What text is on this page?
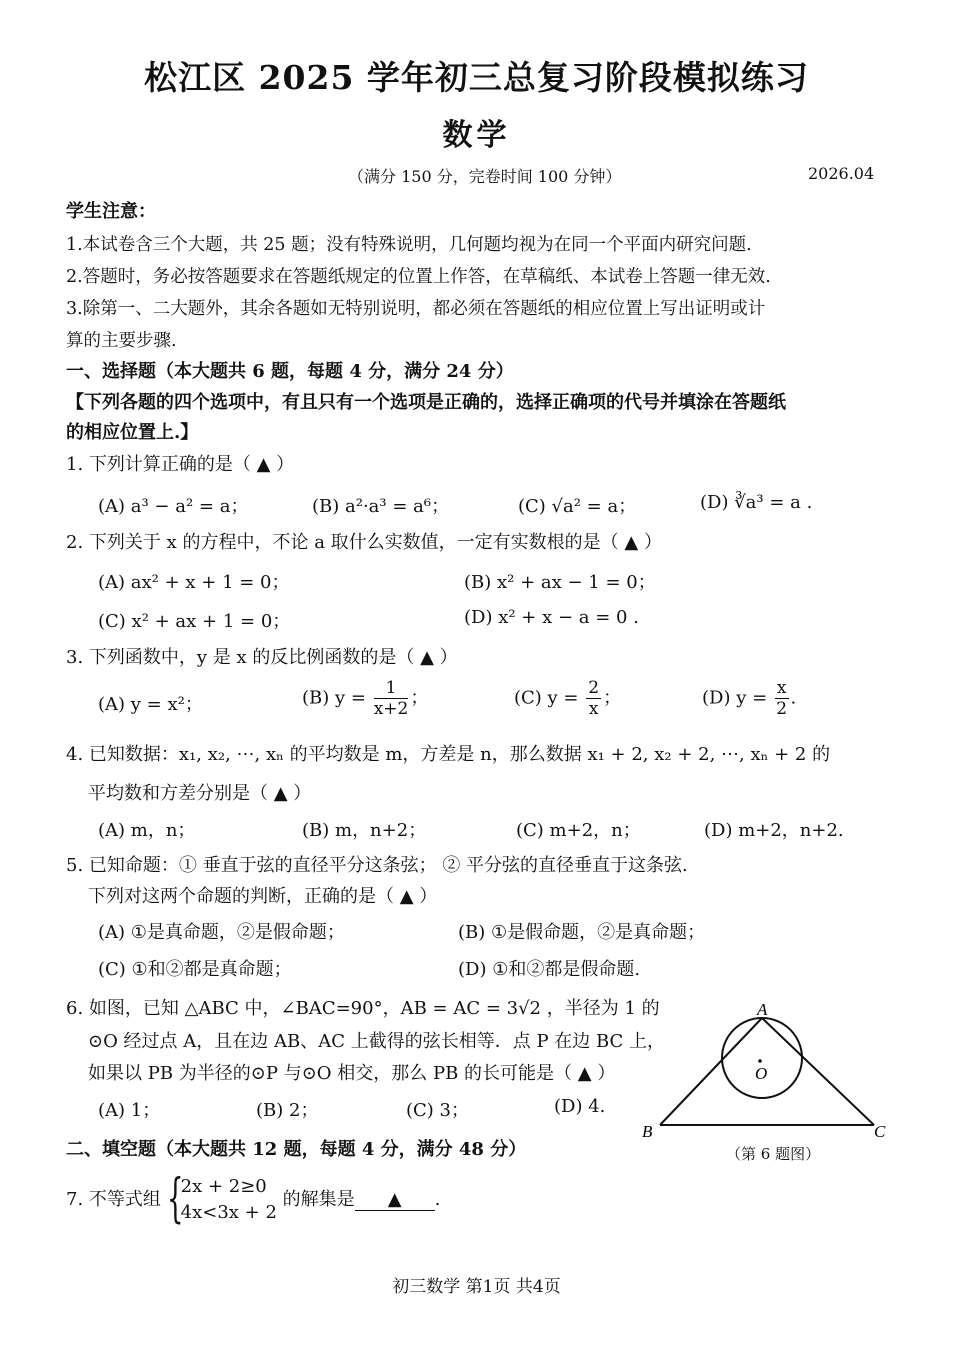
松江区 2025 学年初三总复习阶段模拟练习
数学
（满分 150 分，完卷时间 100 分钟）	2026.04
学生注意：
1.本试卷含三个大题，共 25 题；没有特殊说明，几何题均视为在同一个平面内研究问题.
2.答题时，务必按答题要求在答题纸规定的位置上作答，在草稿纸、本试卷上答题一律无效.
3.除第一、二大题外，其余各题如无特别说明，都必须在答题纸的相应位置上写出证明或计
算的主要步骤.
一、选择题（本大题共 6 题，每题 4 分，满分 24 分）
【下列各题的四个选项中，有且只有一个选项是正确的，选择正确项的代号并填涂在答题纸
的相应位置上.】
1. 下列计算正确的是（ ▲ ）
(A) a³ − a² = a；	(B) a²·a³ = a⁶；	(C) √a² = a；	(D) ∛a³ = a .
2. 下列关于 x 的方程中，不论 a 取什么实数值，一定有实数根的是（ ▲ ）
(A) ax² + x + 1 = 0；	(B) x² + ax − 1 = 0；
(C) x² + ax + 1 = 0；	(D) x² + x − a = 0 .
3. 下列函数中，y 是 x 的反比例函数的是（ ▲ ）
(A) y = x²；	(B) $y = \frac{1}{x+2}$ ；	(C) $y = \frac{2}{x}$ ；	(D) $y = \frac{x}{2}$ .
4. 已知数据：x₁, x₂, ⋯, xₙ 的平均数是 m，方差是 n，那么数据 x₁ + 2, x₂ + 2, ⋯, xₙ + 2 的
平均数和方差分别是（ ▲ ）
(A) m，n；	(B) m，n+2；	(C) m+2，n；	(D) m+2，n+2.
5. 已知命题：① 垂直于弦的直径平分这条弦； ② 平分弦的直径垂直于这条弦.
下列对这两个命题的判断，正确的是（ ▲ ）
(A) ①是真命题，②是假命题；	(B) ①是假命题，②是真命题；
(C) ①和②都是真命题；	(D) ①和②都是假命题.
6. 如图，已知 △ABC 中，∠BAC=90°，AB = AC = 3√2 ，半径为 1 的
⊙O 经过点 A，且在边 AB、AC 上截得的弦长相等．点 P 在边 BC 上，
如果以 PB 为半径的⊙P 与⊙O 相交，那么 PB 的长可能是（ ▲ ）
(A) 1；	(B) 2；	(C) 3；	(D) 4.
A
B	C
O
（第 6 题图）
二、填空题（本大题共 12 题，每题 4 分，满分 48 分）
7. 不等式组 {
2x + 2≥0
4x<3x + 2
的解集是 ▲ .
初三数学 第1页 共4页
